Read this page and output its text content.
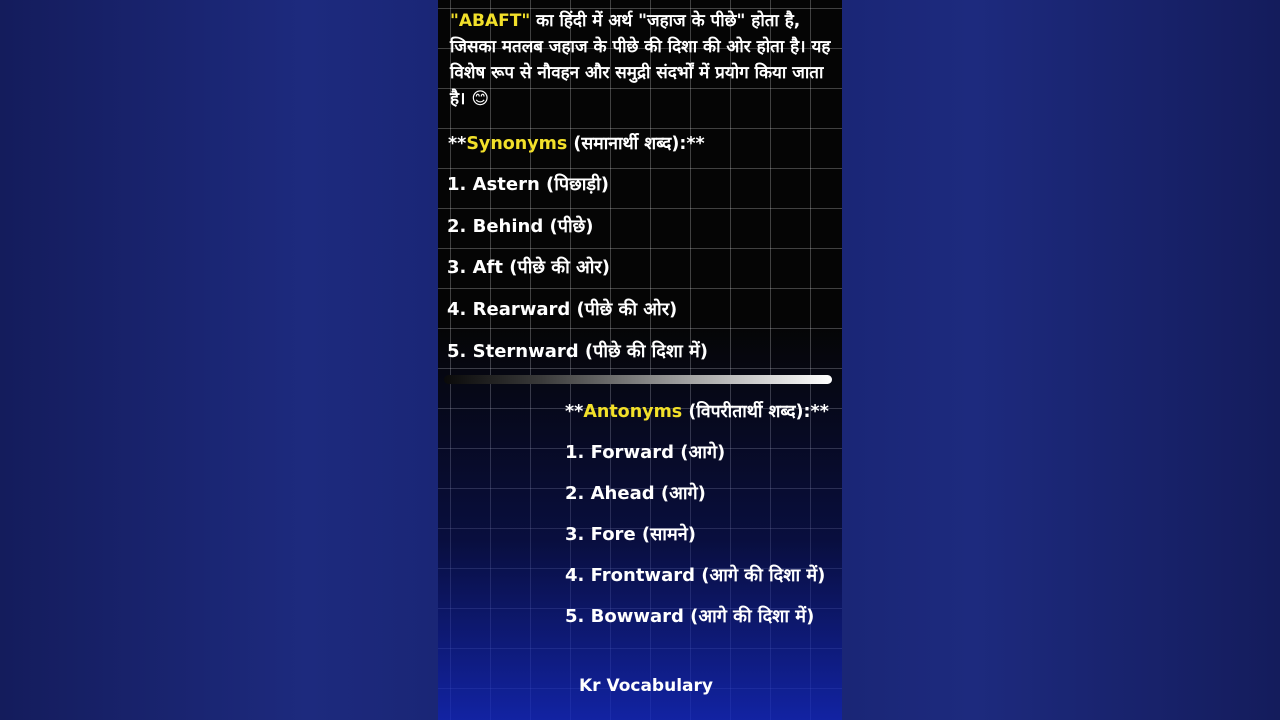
"ABAFT" का हिंदी में अर्थ "जहाज के पीछे" होता है, जिसका मतलब जहाज के पीछे की दिशा की ओर होता है। यह विशेष रूप से नौवहन और समुद्री संदर्भों में प्रयोग किया जाता है। 😊
**Synonyms (समानार्थी शब्द):**
1. Astern (पिछाड़ी)
2. Behind (पीछे)
3. Aft (पीछे की ओर)
4. Rearward (पीछे की ओर)
5. Sternward (पीछे की दिशा में)
**Antonyms (विपरीतार्थी शब्द):**
1. Forward (आगे)
2. Ahead (आगे)
3. Fore (सामने)
4. Frontward (आगे की दिशा में)
5. Bowward (आगे की दिशा में)
Kr Vocabulary
